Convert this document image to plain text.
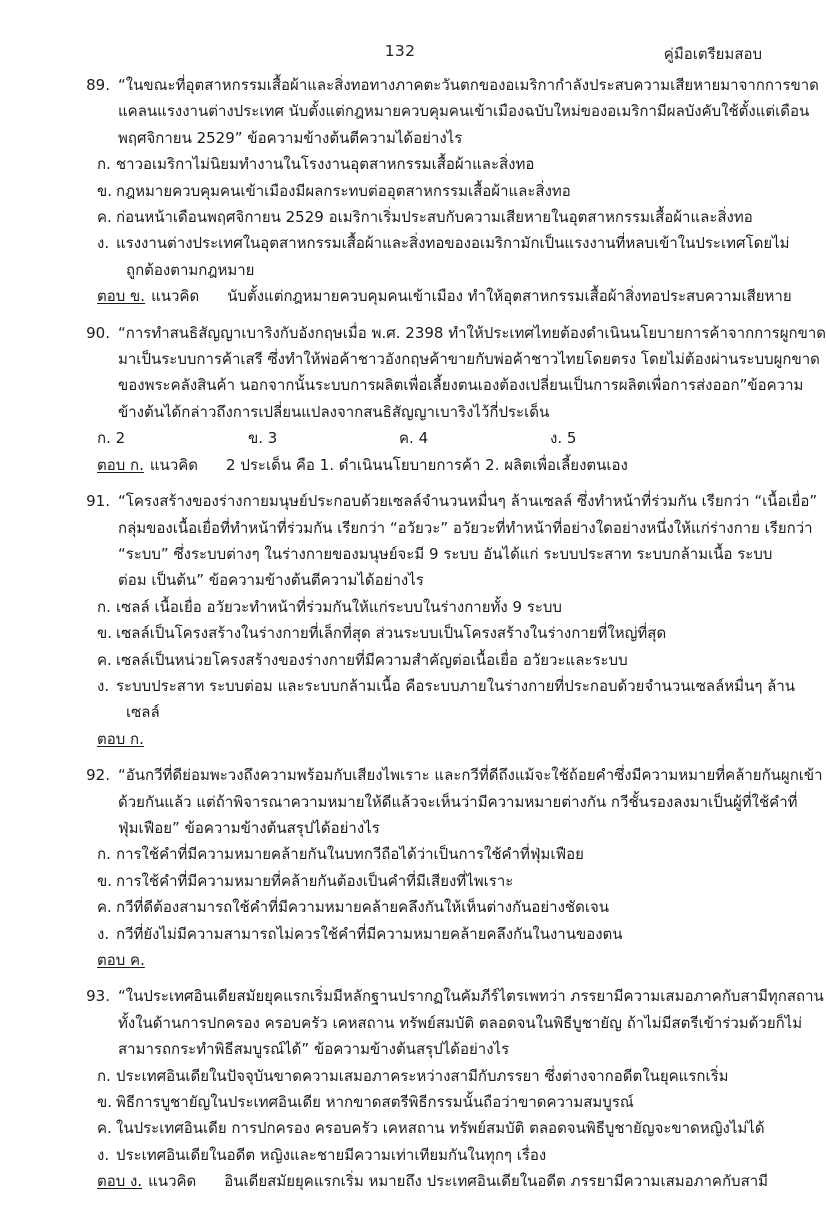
132	คู่มือเตรียมสอบ
89. “ในขณะที่อุตสาหกรรมเสื้อผ้าและสิ่งทอทางภาคตะวันตกของอเมริกากำลังประสบความเสียหายมาจากการขาด
แคลนแรงงานต่างประเทศ นับตั้งแต่กฎหมายควบคุมคนเข้าเมืองฉบับใหม่ของอเมริกามีผลบังคับใช้ตั้งแต่เดือน
พฤศจิกายน 2529” ข้อความข้างต้นตีความได้อย่างไร
ก. ชาวอเมริกาไม่นิยมทำงานในโรงงานอุตสาหกรรมเสื้อผ้าและสิ่งทอ
ข. กฎหมายควบคุมคนเข้าเมืองมีผลกระทบต่ออุตสาหกรรมเสื้อผ้าและสิ่งทอ
ค. ก่อนหน้าเดือนพฤศจิกายน 2529 อเมริกาเริ่มประสบกับความเสียหายในอุตสาหกรรมเสื้อผ้าและสิ่งทอ
ง. แรงงานต่างประเทศในอุตสาหกรรมเสื้อผ้าและสิ่งทอของอเมริกามักเป็นแรงงานที่หลบเข้าในประเทศโดยไม่
ถูกต้องตามกฎหมาย
ตอบ ข. แนวคิด นับตั้งแต่กฎหมายควบคุมคนเข้าเมือง ทำให้อุตสาหกรรมเสื้อผ้าสิ่งทอประสบความเสียหาย
90. “การทำสนธิสัญญาเบาริงกับอังกฤษเมื่อ พ.ศ. 2398 ทำให้ประเทศไทยต้องดำเนินนโยบายการค้าจากการผูกขาด
มาเป็นระบบการค้าเสรี ซึ่งทำให้พ่อค้าชาวอังกฤษค้าขายกับพ่อค้าชาวไทยโดยตรง โดยไม่ต้องผ่านระบบผูกขาด
ของพระคลังสินค้า นอกจากนั้นระบบการผลิตเพื่อเลี้ยงตนเองต้องเปลี่ยนเป็นการผลิตเพื่อการส่งออก”ข้อความ
ข้างต้นได้กล่าวถึงการเปลี่ยนแปลงจากสนธิสัญญาเบาริงไว้กี่ประเด็น
ก. 2	ข. 3	ค. 4	ง. 5
ตอบ ก. แนวคิด 2 ประเด็น คือ 1. ดำเนินนโยบายการค้า 2. ผลิตเพื่อเลี้ยงตนเอง
91. “โครงสร้างของร่างกายมนุษย์ประกอบด้วยเซลล์จำนวนหมื่นๆ ล้านเซลล์ ซึ่งทำหน้าที่ร่วมกัน เรียกว่า “เนื้อเยื่อ”
กลุ่มของเนื้อเยื่อที่ทำหน้าที่ร่วมกัน เรียกว่า “อวัยวะ” อวัยวะที่ทำหน้าที่อย่างใดอย่างหนึ่งให้แก่ร่างกาย เรียกว่า
“ระบบ” ซึ่งระบบต่างๆ ในร่างกายของมนุษย์จะมี 9 ระบบ อันได้แก่ ระบบประสาท ระบบกล้ามเนื้อ ระบบ
ต่อม เป็นต้น” ข้อความข้างต้นตีความได้อย่างไร
ก. เซลล์ เนื้อเยื่อ อวัยวะทำหน้าที่ร่วมกันให้แก่ระบบในร่างกายทั้ง 9 ระบบ
ข. เซลล์เป็นโครงสร้างในร่างกายที่เล็กที่สุด ส่วนระบบเป็นโครงสร้างในร่างกายที่ใหญ่ที่สุด
ค. เซลล์เป็นหน่วยโครงสร้างของร่างกายที่มีความสำคัญต่อเนื้อเยื่อ อวัยวะและระบบ
ง. ระบบประสาท ระบบต่อม และระบบกล้ามเนื้อ คือระบบภายในร่างกายที่ประกอบด้วยจำนวนเซลล์หมื่นๆ ล้าน
เซลล์
ตอบ ก.
92. “อันกวีที่ดีย่อมพะวงถึงความพร้อมกับเสียงไพเราะ และกวีที่ดีถึงแม้จะใช้ถ้อยคำซึ่งมีความหมายที่คล้ายกันผูกเข้า
ด้วยกันแล้ว แต่ถ้าพิจารณาความหมายให้ดีแล้วจะเห็นว่ามีความหมายต่างกัน กวีชั้นรองลงมาเป็นผู้ที่ใช้คำที่
ฟุ่มเฟือย” ข้อความข้างต้นสรุปได้อย่างไร
ก. การใช้คำที่มีความหมายคล้ายกันในบทกวีถือได้ว่าเป็นการใช้คำที่ฟุ่มเฟือย
ข. การใช้คำที่มีความหมายที่คล้ายกันต้องเป็นคำที่มีเสียงที่ไพเราะ
ค. กวีที่ดีต้องสามารถใช้คำที่มีความหมายคล้ายคลึงกันให้เห็นต่างกันอย่างชัดเจน
ง. กวีที่ยังไม่มีความสามารถไม่ควรใช้คำที่มีความหมายคล้ายคลึงกันในงานของตน
ตอบ ค.
93. “ในประเทศอินเดียสมัยยุคแรกเริ่มมีหลักฐานปรากฏในคัมภีร์ไตรเพทว่า ภรรยามีความเสมอภาคกับสามีทุกสถาน
ทั้งในด้านการปกครอง ครอบครัว เคหสถาน ทรัพย์สมบัติ ตลอดจนในพิธีบูชายัญ ถ้าไม่มีสตรีเข้าร่วมด้วยก็ไม่
สามารถกระทำพิธีสมบูรณ์ได้” ข้อความข้างต้นสรุปได้อย่างไร
ก. ประเทศอินเดียในปัจจุบันขาดความเสมอภาคระหว่างสามีกับภรรยา ซึ่งต่างจากอดีตในยุคแรกเริ่ม
ข. พิธีการบูชายัญในประเทศอินเดีย หากขาดสตรีพิธีกรรมนั้นถือว่าขาดความสมบูรณ์
ค. ในประเทศอินเดีย การปกครอง ครอบครัว เคหสถาน ทรัพย์สมบัติ ตลอดจนพิธีบูชายัญจะขาดหญิงไม่ได้
ง. ประเทศอินเดียในอดีต หญิงและชายมีความเท่าเทียมกันในทุกๆ เรื่อง
ตอบ ง. แนวคิด อินเดียสมัยยุคแรกเริ่ม หมายถึง ประเทศอินเดียในอดีต ภรรยามีความเสมอภาคกับสามี
